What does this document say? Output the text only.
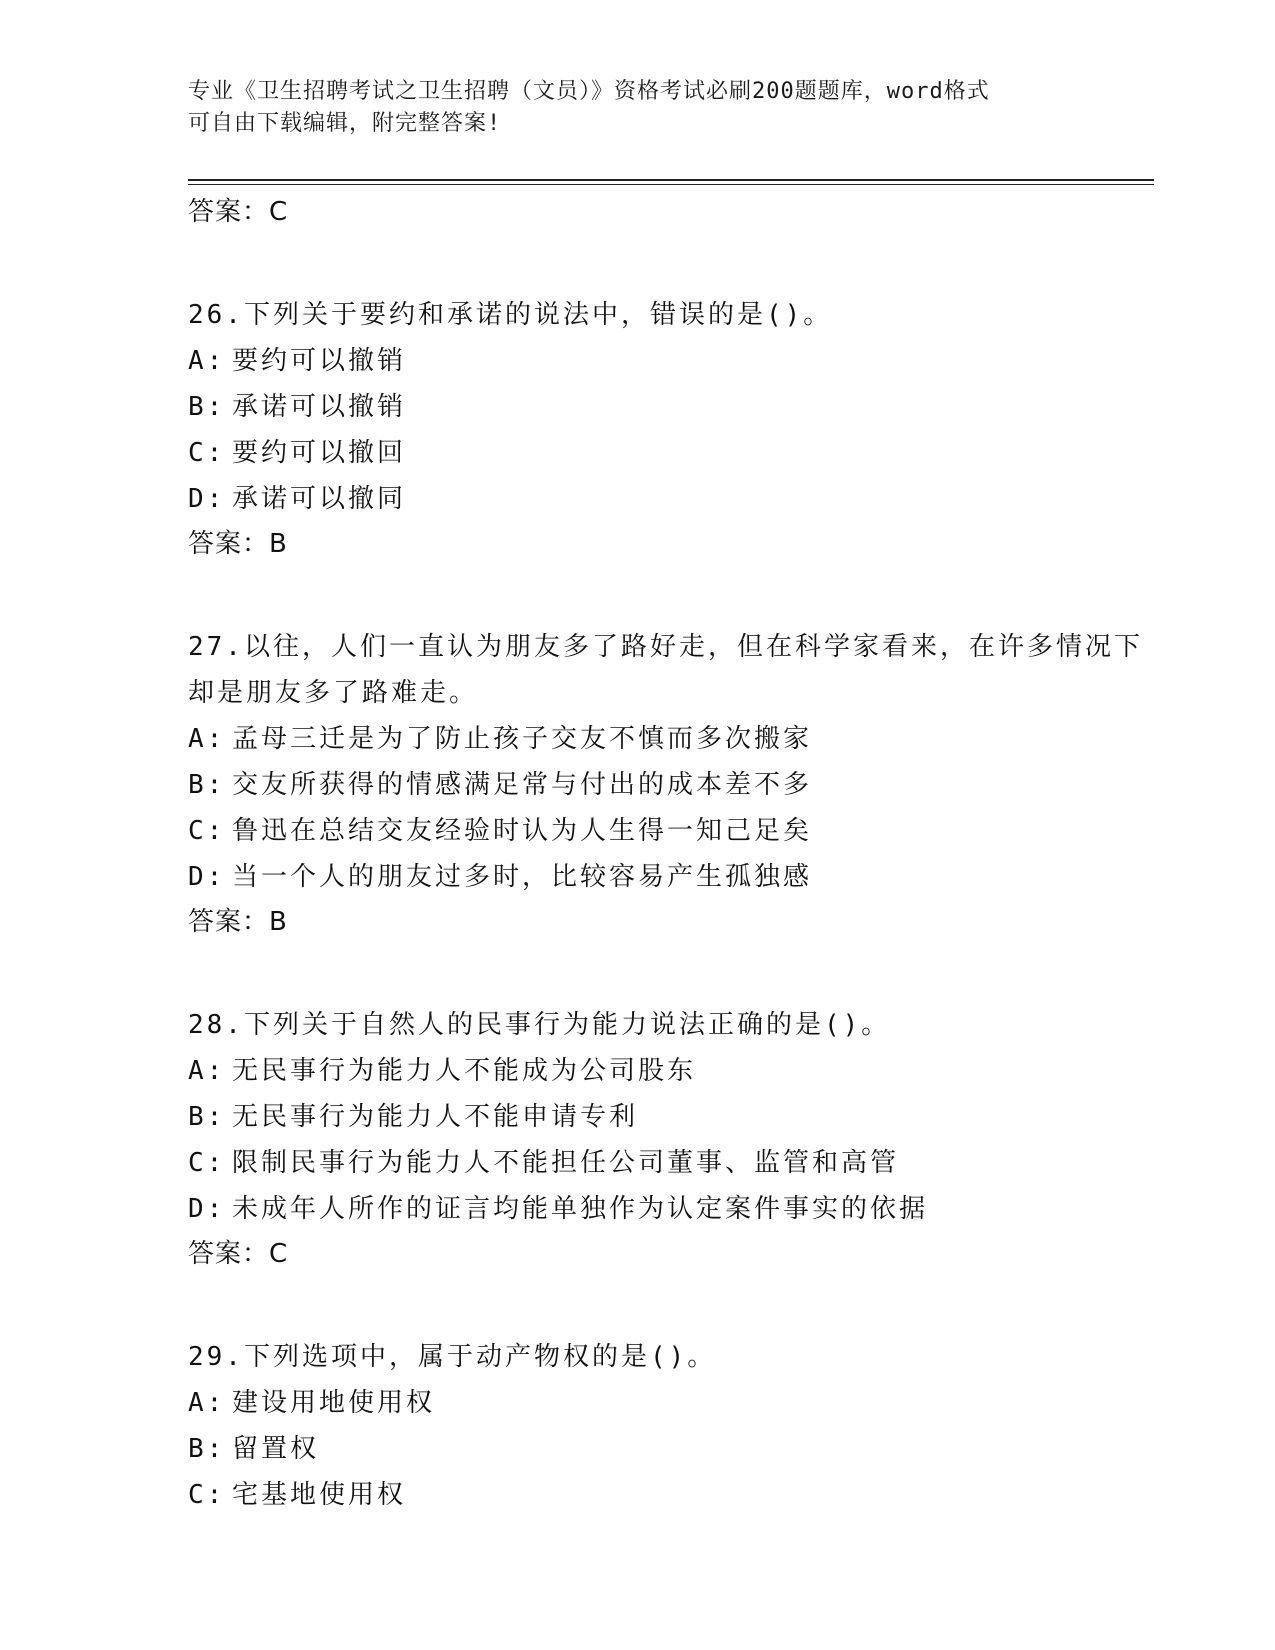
专业《卫生招聘考试之卫生招聘（文员）》资格考试必刷200题题库，word格式
可自由下载编辑，附完整答案!
答案：C
26.下列关于要约和承诺的说法中，错误的是()。
A: 要约可以撤销
B: 承诺可以撤销
C: 要约可以撤回
D: 承诺可以撤同
答案：B
27.以往，人们一直认为朋友多了路好走，但在科学家看来，在许多情况下却是朋友多了路难走。
A: 孟母三迁是为了防止孩子交友不慎而多次搬家
B: 交友所获得的情感满足常与付出的成本差不多
C: 鲁迅在总结交友经验时认为人生得一知己足矣
D: 当一个人的朋友过多时，比较容易产生孤独感
答案：B
28.下列关于自然人的民事行为能力说法正确的是()。
A: 无民事行为能力人不能成为公司股东
B: 无民事行为能力人不能申请专利
C: 限制民事行为能力人不能担任公司董事、监管和高管
D: 未成年人所作的证言均能单独作为认定案件事实的依据
答案：C
29.下列选项中，属于动产物权的是()。
A: 建设用地使用权
B: 留置权
C: 宅基地使用权
